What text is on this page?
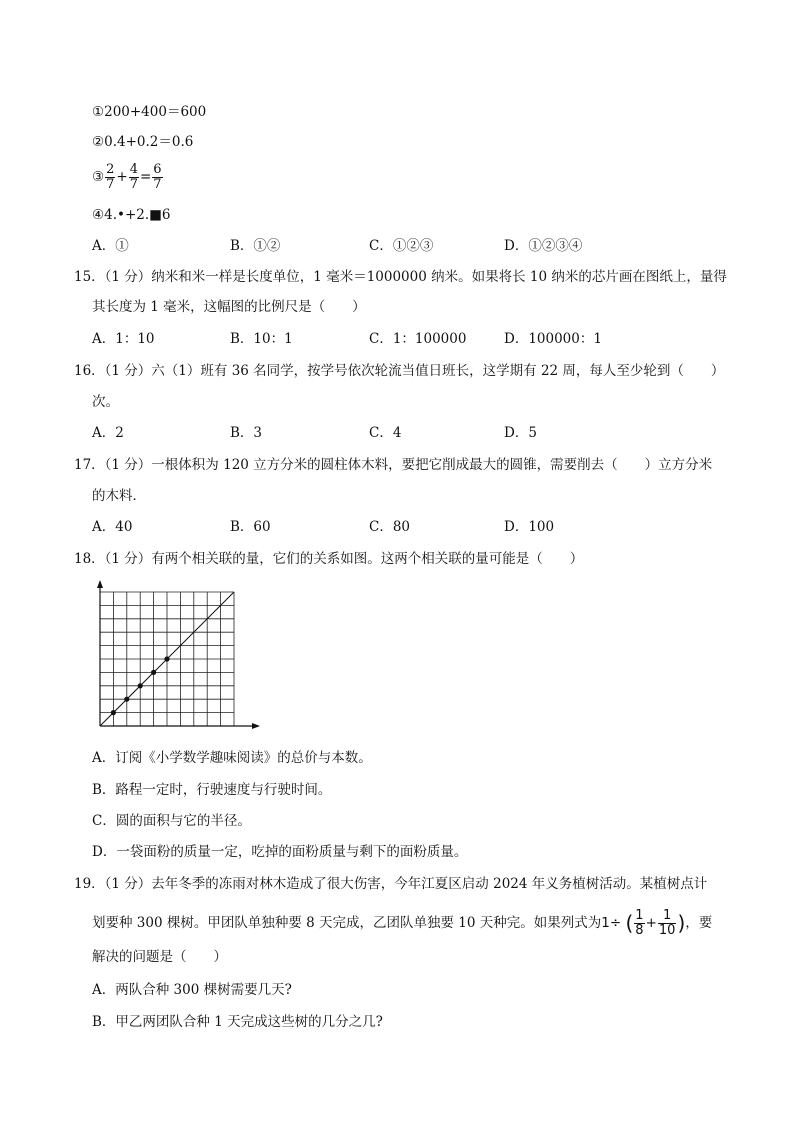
①200+400＝600
②0.4+0.2＝0.6
③ $\frac{2}{7} + \frac{4}{7} = \frac{6}{7}$
④4.•+2.■6
A．①	B．①②	C．①②③	D．①②③④
15．（1 分）纳米和米一样是长度单位，1 毫米＝1000000 纳米。如果将长 10 纳米的芯片画在图纸上，量得
其长度为 1 毫米，这幅图的比例尺是（　　）
A．1：10	B．10：1	C．1：100000	D．100000：1
16．（1 分）六（1）班有 36 名同学，按学号依次轮流当值日班长，这学期有 22 周，每人至少轮到（　　）
次。
A．2	B．3	C．4	D．5
17．（1 分）一根体积为 120 立方分米的圆柱体木料，要把它削成最大的圆锥，需要削去（　　）立方分米
的木料．
A．40	B．60	C．80	D．100
18．（1 分）有两个相关联的量，它们的关系如图。这两个相关联的量可能是（　　）
A．订阅《小学数学趣味阅读》的总价与本数。
B．路程一定时，行驶速度与行驶时间。
C．圆的面积与它的半径。
D．一袋面粉的质量一定，吃掉的面粉质量与剩下的面粉质量。
19．（1 分）去年冬季的冻雨对林木造成了很大伤害，今年江夏区启动 2024 年义务植树活动。某植树点计
划要种 300 棵树。甲团队单独种要 8 天完成，乙团队单独要 10 天种完。如果列式为1÷ ( $\frac{1}{8} + \frac{1}{10}$ )，要
解决的问题是（　　）
A．两队合种 300 棵树需要几天?
B．甲乙两团队合种 1 天完成这些树的几分之几?
